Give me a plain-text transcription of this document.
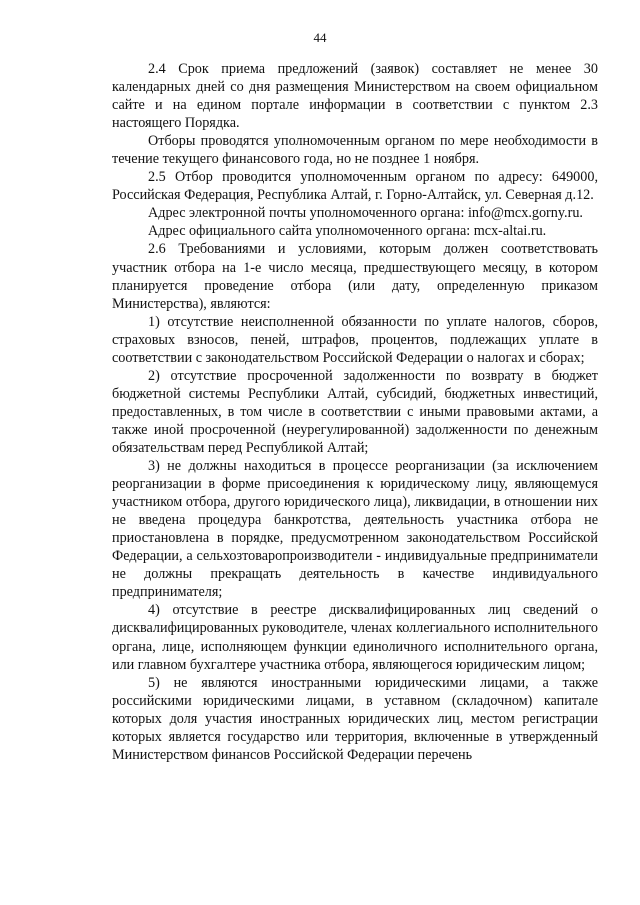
44

2.4 Срок приема предложений (заявок) составляет не менее 30 календарных дней со дня размещения Министерством на своем официальном сайте и на едином портале информации в соответствии с пунктом 2.3 настоящего Порядка.

Отборы проводятся уполномоченным органом по мере необходимости в течение текущего финансового года, но не позднее 1 ноября.

2.5 Отбор проводится уполномоченным органом по адресу: 649000, Российская Федерация, Республика Алтай, г. Горно-Алтайск, ул. Северная д.12.

Адрес электронной почты уполномоченного органа: info@mcx.gorny.ru.

Адрес официального сайта уполномоченного органа: mcx-altai.ru.

2.6 Требованиями и условиями, которым должен соответствовать участник отбора на 1-е число месяца, предшествующего месяцу, в котором планируется проведение отбора (или дату, определенную приказом Министерства), являются:

1) отсутствие неисполненной обязанности по уплате налогов, сборов, страховых взносов, пеней, штрафов, процентов, подлежащих уплате в соответствии с законодательством Российской Федерации о налогах и сборах;

2) отсутствие просроченной задолженности по возврату в бюджет бюджетной системы Республики Алтай, субсидий, бюджетных инвестиций, предоставленных, в том числе в соответствии с иными правовыми актами, а также иной просроченной (неурегулированной) задолженности по денежным обязательствам перед Республикой Алтай;

3) не должны находиться в процессе реорганизации (за исключением реорганизации в форме присоединения к юридическому лицу, являющемуся участником отбора, другого юридического лица), ликвидации, в отношении них не введена процедура банкротства, деятельность участника отбора не приостановлена в порядке, предусмотренном законодательством Российской Федерации, а сельхозтоваропроизводители - индивидуальные предприниматели не должны прекращать деятельность в качестве индивидуального предпринимателя;

4) отсутствие в реестре дисквалифицированных лиц сведений о дисквалифицированных руководителе, членах коллегиального исполнительного органа, лице, исполняющем функции единоличного исполнительного органа, или главном бухгалтере участника отбора, являющегося юридическим лицом;

5) не являются иностранными юридическими лицами, а также российскими юридическими лицами, в уставном (складочном) капитале которых доля участия иностранных юридических лиц, местом регистрации которых является государство или территория, включенные в утвержденный Министерством финансов Российской Федерации перечень
